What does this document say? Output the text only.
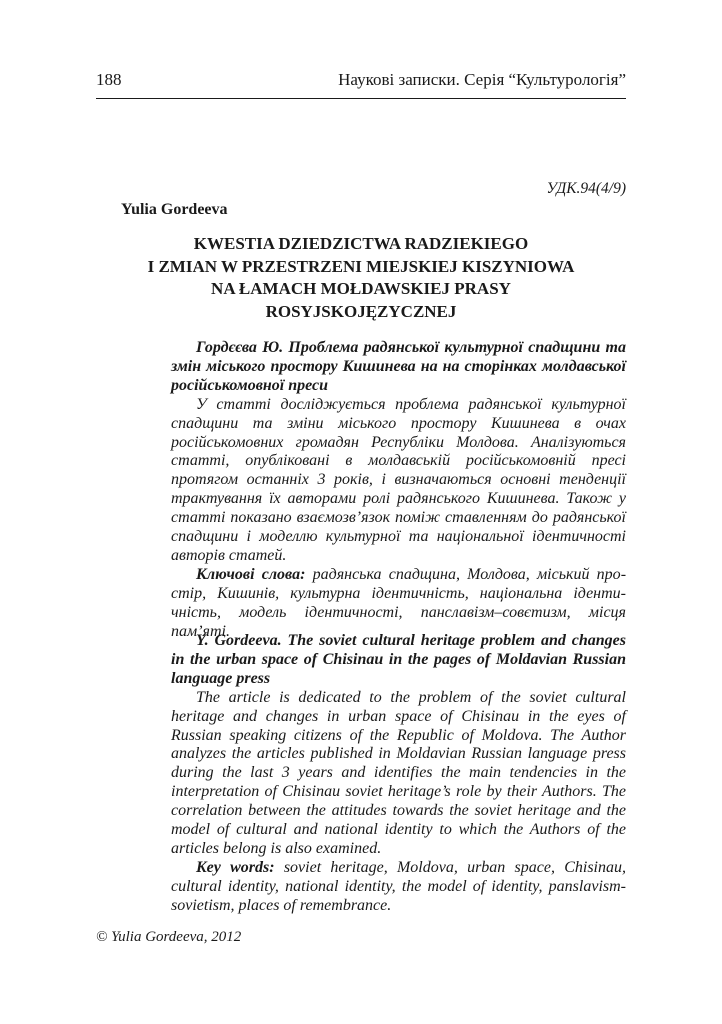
188	Наукові записки. Серія “Культурологія”
УДК.94(4/9)
Yulia Gordeeva
KWESTIA DZIEDZICTWA RADZIEKIEGO
I ZMIAN W PRZESTRZENI MIEJSKIEJ KISZYNIOWA
NA ŁAMACH MOŁDAWSKIEJ PRASY
ROSYJSKOJĘZYCZNEJ

Гордєєва Ю. Проблема радянської культурної спадщини та змін міського простору Кишинева на на сторінках молдавської російськомовної преси

У статті досліджується проблема радянської культурної спадщини та зміни міського простору Кишинева в очах російськомовних громадян Республіки Молдова. Аналізуються статті, опубліковані в молдавській російськомовній пресі протягом останніх 3 років, і визначаються основні тенденції трактування їх авторами ролі радянського Кишинева. Також у статті показано взаємозв’язок поміж ставленням до радянської спадщини і моделлю культурної та національної ідентичності авторів статей.

Ключові слова: радянська спадщина, Молдова, міський простір, Кишинів, культурна ідентичність, національна ідентичність, модель ідентичності, панславізм–совєтизм, місця пам’яті.

Y. Gordeeva. The soviet cultural heritage problem and changes in the urban space of Chisinau in the pages of Moldavian Russian language press

The article is dedicated to the problem of the soviet cultural heritage and changes in urban space of Chisinau in the eyes of Russian speaking citizens of the Republic of Moldova. The Author analyzes the articles published in Moldavian Russian language press during the last 3 years and identifies the main tendencies in the interpretation of Chisinau soviet heritage’s role by their Authors. The correlation between the attitudes towards the soviet heritage and the model of cultural and national identity to which the Authors of the articles belong is also examined.

Key words: soviet heritage, Moldova, urban space, Chisinau, cultural identity, national identity, the model of identity, panslavism-sovietism, places of remembrance.

© Yulia Gordeeva, 2012
